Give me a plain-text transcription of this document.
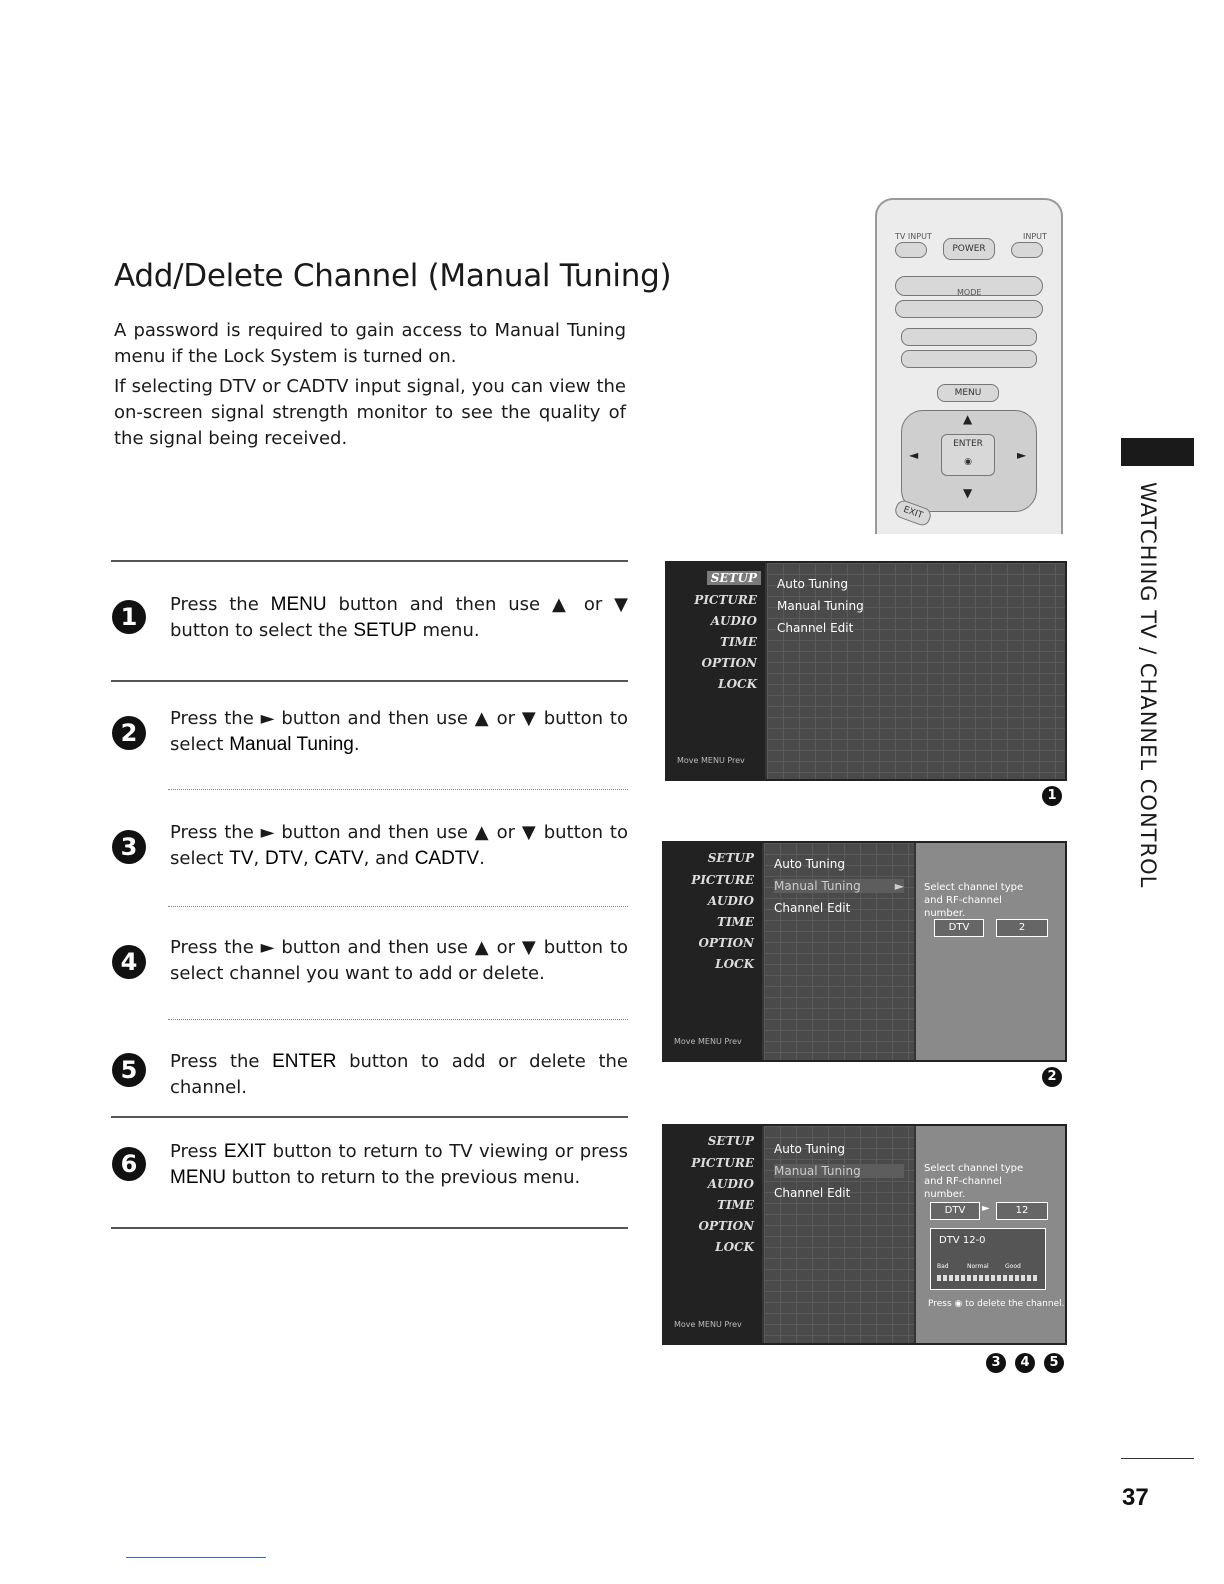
Add/Delete Channel (Manual Tuning)

A password is required to gain access to Manual Tuning menu if the Lock System is turned on.

If selecting DTV or CADTV input signal, you can view the on-screen signal strength monitor to see the quality of the signal being received.

TV INPUT	INPUT
POWER
MODE
MENU
ENTER
◉
▲
▼
◄	►
EXIT
1	Press the MENU button and then use ▲ or ▼ button to select the SETUP menu.
2
Press the ► button and then use ▲ or ▼ button to select Manual Tuning.
3
Press the ► button and then use ▲ or ▼ button to select TV, DTV, CATV, and CADTV.
4
Press the ► button and then use ▲ or ▼ button to select channel you want to add or delete.
5	Press the ENTER button to add or delete the channel.
6	Press EXIT button to return to TV viewing or press MENU button to return to the previous menu.
SETUP
PICTURE
AUDIO
TIME
OPTION
LOCK
Move MENU Prev
Auto Tuning
Manual Tuning
Channel Edit
1
SETUP
PICTURE
AUDIO
TIME
OPTION
LOCK
Move MENU Prev
Auto Tuning
Manual Tuning	►
Channel Edit
Select channel type and RF-channel number.
DTV	2
2
SETUP
PICTURE
AUDIO
TIME
OPTION
LOCK
Move MENU Prev
Auto Tuning
Manual Tuning
Channel Edit
Select channel type and RF-channel number.
DTV	►	12
DTV 12-0
Bad	Normal	Good
Press ◉ to delete the channel.
3	4	5
WATCHING TV / CHANNEL CONTROL
37
